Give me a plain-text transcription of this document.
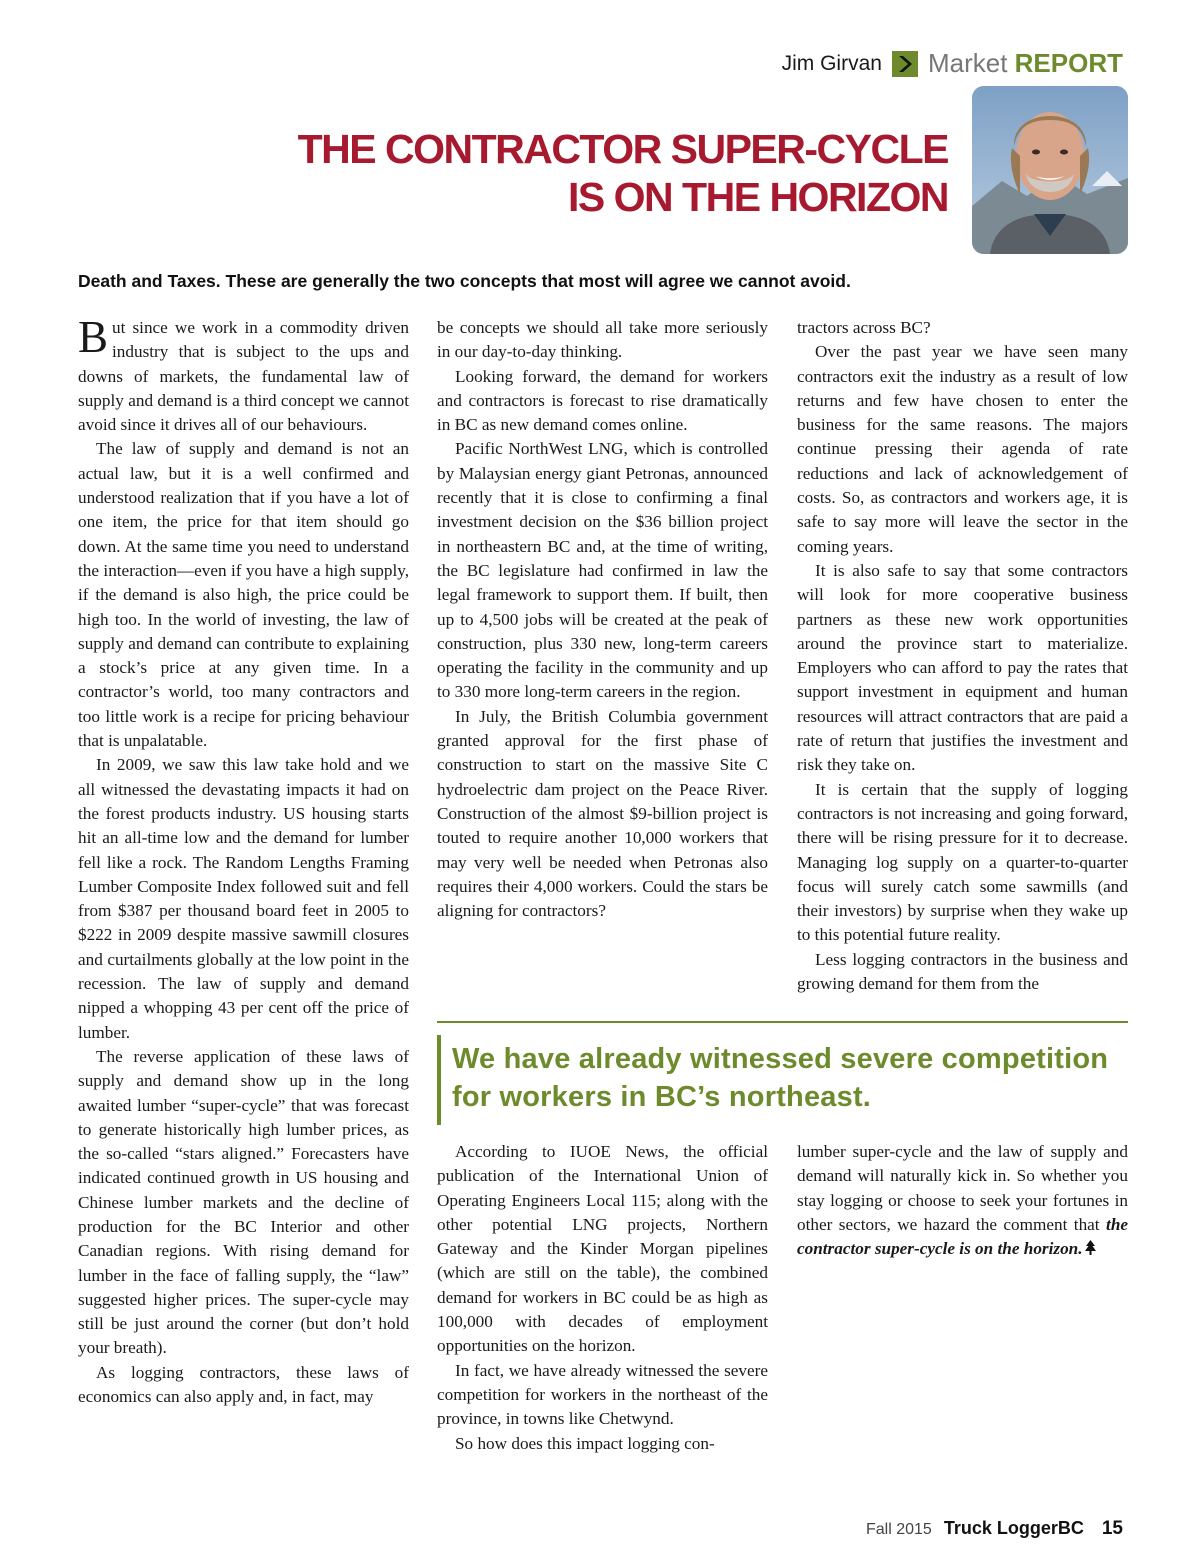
Jim Girvan Market REPORT
THE CONTRACTOR SUPER-CYCLE
IS ON THE HORIZON
Death and Taxes. These are generally the two concepts that most will agree we cannot avoid.

But since we work in a commodity driven industry that is subject to the ups and downs of markets, the fundamental law of supply and demand is a third concept we cannot avoid since it drives all of our behaviours.

The law of supply and demand is not an actual law, but it is a well confirmed and understood realization that if you have a lot of one item, the price for that item should go down. At the same time you need to understand the interaction—even if you have a high supply, if the demand is also high, the price could be high too. In the world of investing, the law of supply and demand can contribute to explaining a stock’s price at any given time. In a contractor’s world, too many contractors and too little work is a recipe for pricing behaviour that is unpalatable.

In 2009, we saw this law take hold and we all witnessed the devastating impacts it had on the forest products industry. US housing starts hit an all-time low and the demand for lumber fell like a rock. The Random Lengths Framing Lumber Composite Index followed suit and fell from $387 per thousand board feet in 2005 to $222 in 2009 despite massive sawmill closures and curtailments globally at the low point in the recession. The law of supply and demand nipped a whopping 43 per cent off the price of lumber.

The reverse application of these laws of supply and demand show up in the long awaited lumber “super-cycle” that was forecast to generate historically high lumber prices, as the so-called “stars aligned.” Forecasters have indicated continued growth in US housing and Chinese lumber markets and the decline of production for the BC Interior and other Canadian regions. With rising demand for lumber in the face of falling supply, the “law” suggested higher prices. The super-cycle may still be just around the corner (but don’t hold your breath).

As logging contractors, these laws of economics can also apply and, in fact, may

be concepts we should all take more seriously in our day-to-day thinking.

Looking forward, the demand for workers and contractors is forecast to rise dramatically in BC as new demand comes online.

Pacific NorthWest LNG, which is controlled by Malaysian energy giant Petronas, announced recently that it is close to confirming a final investment decision on the $36 billion project in northeastern BC and, at the time of writing, the BC legislature had confirmed in law the legal framework to support them. If built, then up to 4,500 jobs will be created at the peak of construction, plus 330 new, long-term careers operating the facility in the community and up to 330 more long-term careers in the region.

In July, the British Columbia government granted approval for the first phase of construction to start on the massive Site C hydroelectric dam project on the Peace River. Construction of the almost $9-billion project is touted to require another 10,000 workers that may very well be needed when Petronas also requires their 4,000 workers. Could the stars be aligning for contractors?

tractors across BC?

Over the past year we have seen many contractors exit the industry as a result of low returns and few have chosen to enter the business for the same reasons. The majors continue pressing their agenda of rate reductions and lack of acknowledgement of costs. So, as contractors and workers age, it is safe to say more will leave the sector in the coming years.

It is also safe to say that some contractors will look for more cooperative business partners as these new work opportunities around the province start to materialize. Employers who can afford to pay the rates that support investment in equipment and human resources will attract contractors that are paid a rate of return that justifies the investment and risk they take on.

It is certain that the supply of logging contractors is not increasing and going forward, there will be rising pressure for it to decrease. Managing log supply on a quarter-to-quarter focus will surely catch some sawmills (and their investors) by surprise when they wake up to this potential future reality.

Less logging contractors in the business and growing demand for them from the

We have already witnessed severe competition for workers in BC’s northeast.

According to IUOE News, the official publication of the International Union of Operating Engineers Local 115; along with the other potential LNG projects, Northern Gateway and the Kinder Morgan pipelines (which are still on the table), the combined demand for workers in BC could be as high as 100,000 with decades of employment opportunities on the horizon.

In fact, we have already witnessed the severe competition for workers in the northeast of the province, in towns like Chetwynd.

So how does this impact logging con-

lumber super-cycle and the law of supply and demand will naturally kick in. So whether you stay logging or choose to seek your fortunes in other sectors, we hazard the comment that the contractor super-cycle is on the horizon.

Fall 2015 Truck LoggerBC 15
